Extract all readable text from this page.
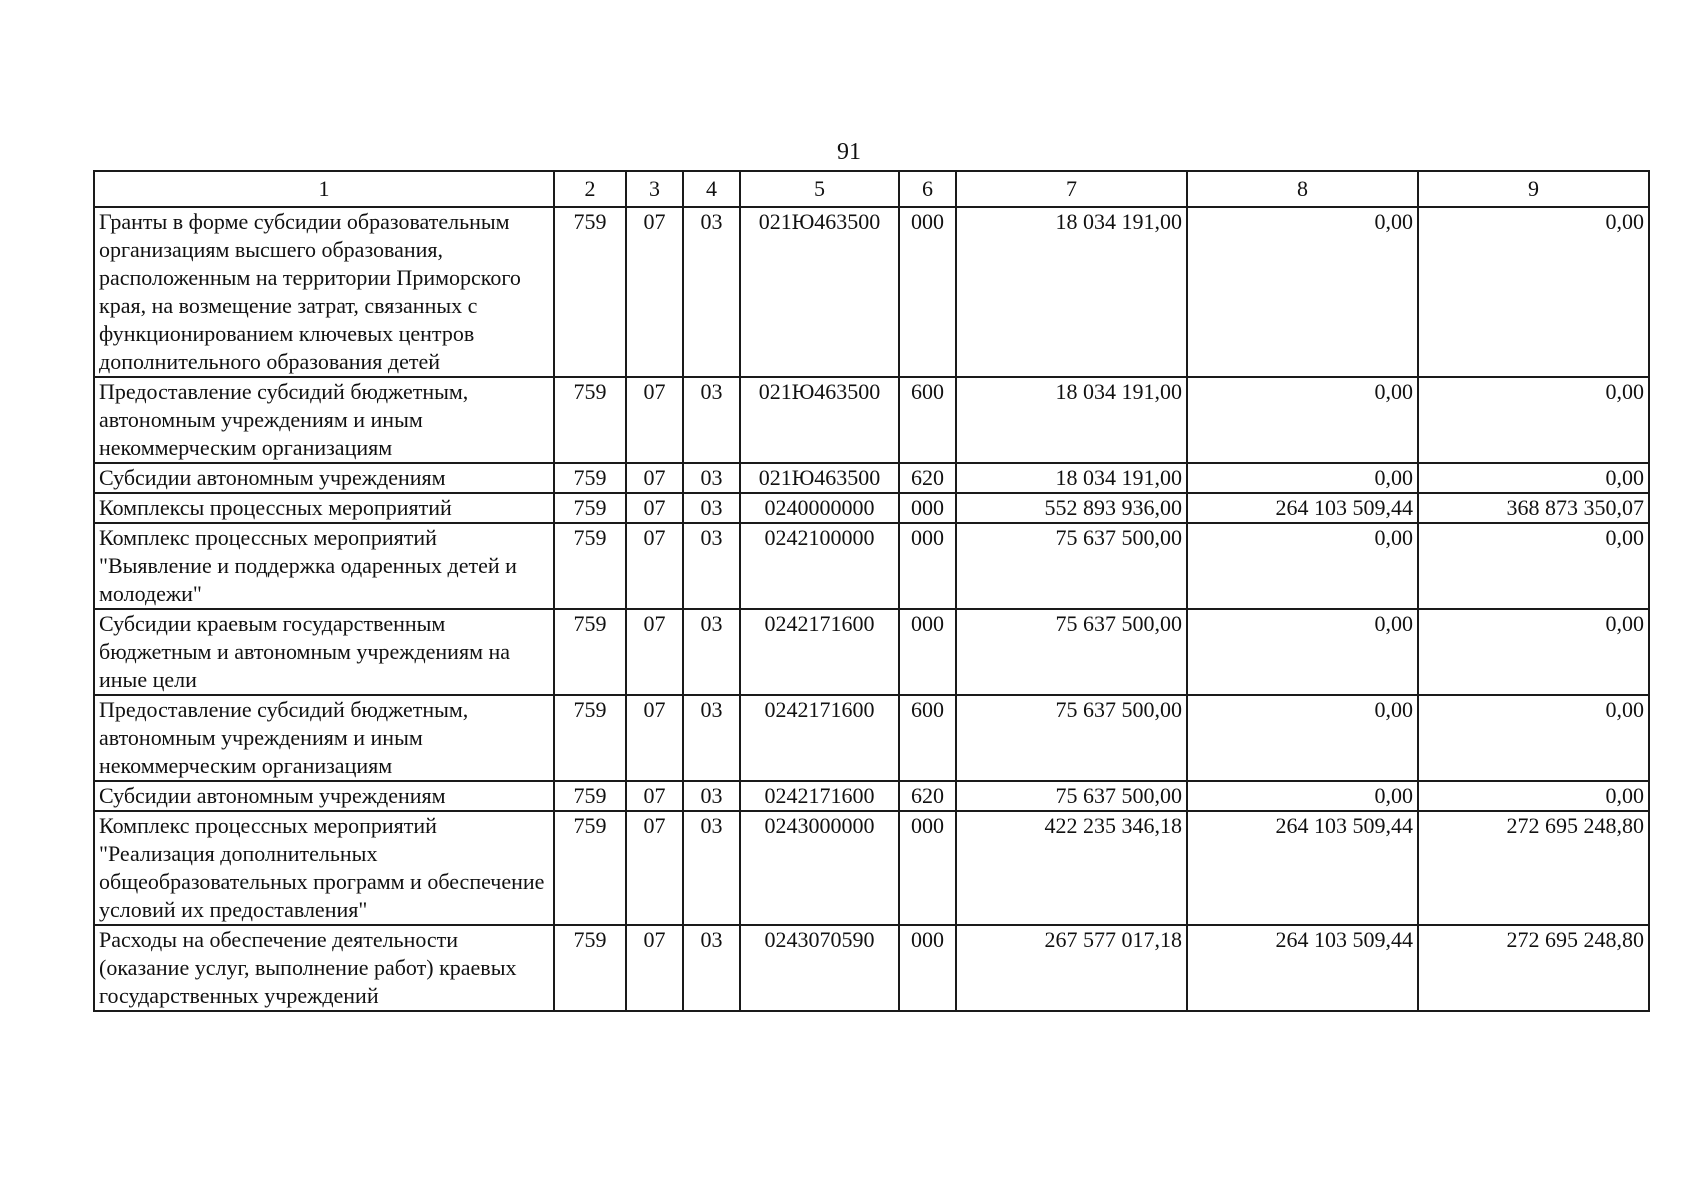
91
1	2	3	4	5	6	7	8	9
Гранты в форме субсидии образовательным организациям высшего образования, расположенным на территории Приморского края, на возмещение затрат, связанных с функционированием ключевых центров дополнительного образования детей	759	07	03	021Ю463500	000	18 034 191,00	0,00	0,00
Предоставление субсидий бюджетным, автономным учреждениям и иным некоммерческим организациям	759	07	03	021Ю463500	600	18 034 191,00	0,00	0,00
Субсидии автономным учреждениям	759	07	03	021Ю463500	620	18 034 191,00	0,00	0,00
Комплексы процессных мероприятий	759	07	03	0240000000	000	552 893 936,00	264 103 509,44	368 873 350,07
Комплекс процессных мероприятий "Выявление и поддержка одаренных детей и молодежи"	759	07	03	0242100000	000	75 637 500,00	0,00	0,00
Субсидии краевым государственным бюджетным и автономным учреждениям на иные цели	759	07	03	0242171600	000	75 637 500,00	0,00	0,00
Предоставление субсидий бюджетным, автономным учреждениям и иным некоммерческим организациям	759	07	03	0242171600	600	75 637 500,00	0,00	0,00
Субсидии автономным учреждениям	759	07	03	0242171600	620	75 637 500,00	0,00	0,00
Комплекс процессных мероприятий "Реализация дополнительных общеобразовательных программ и обеспечение условий их предоставления"	759	07	03	0243000000	000	422 235 346,18	264 103 509,44	272 695 248,80
Расходы на обеспечение деятельности (оказание услуг, выполнение работ) краевых государственных учреждений	759	07	03	0243070590	000	267 577 017,18	264 103 509,44	272 695 248,80
